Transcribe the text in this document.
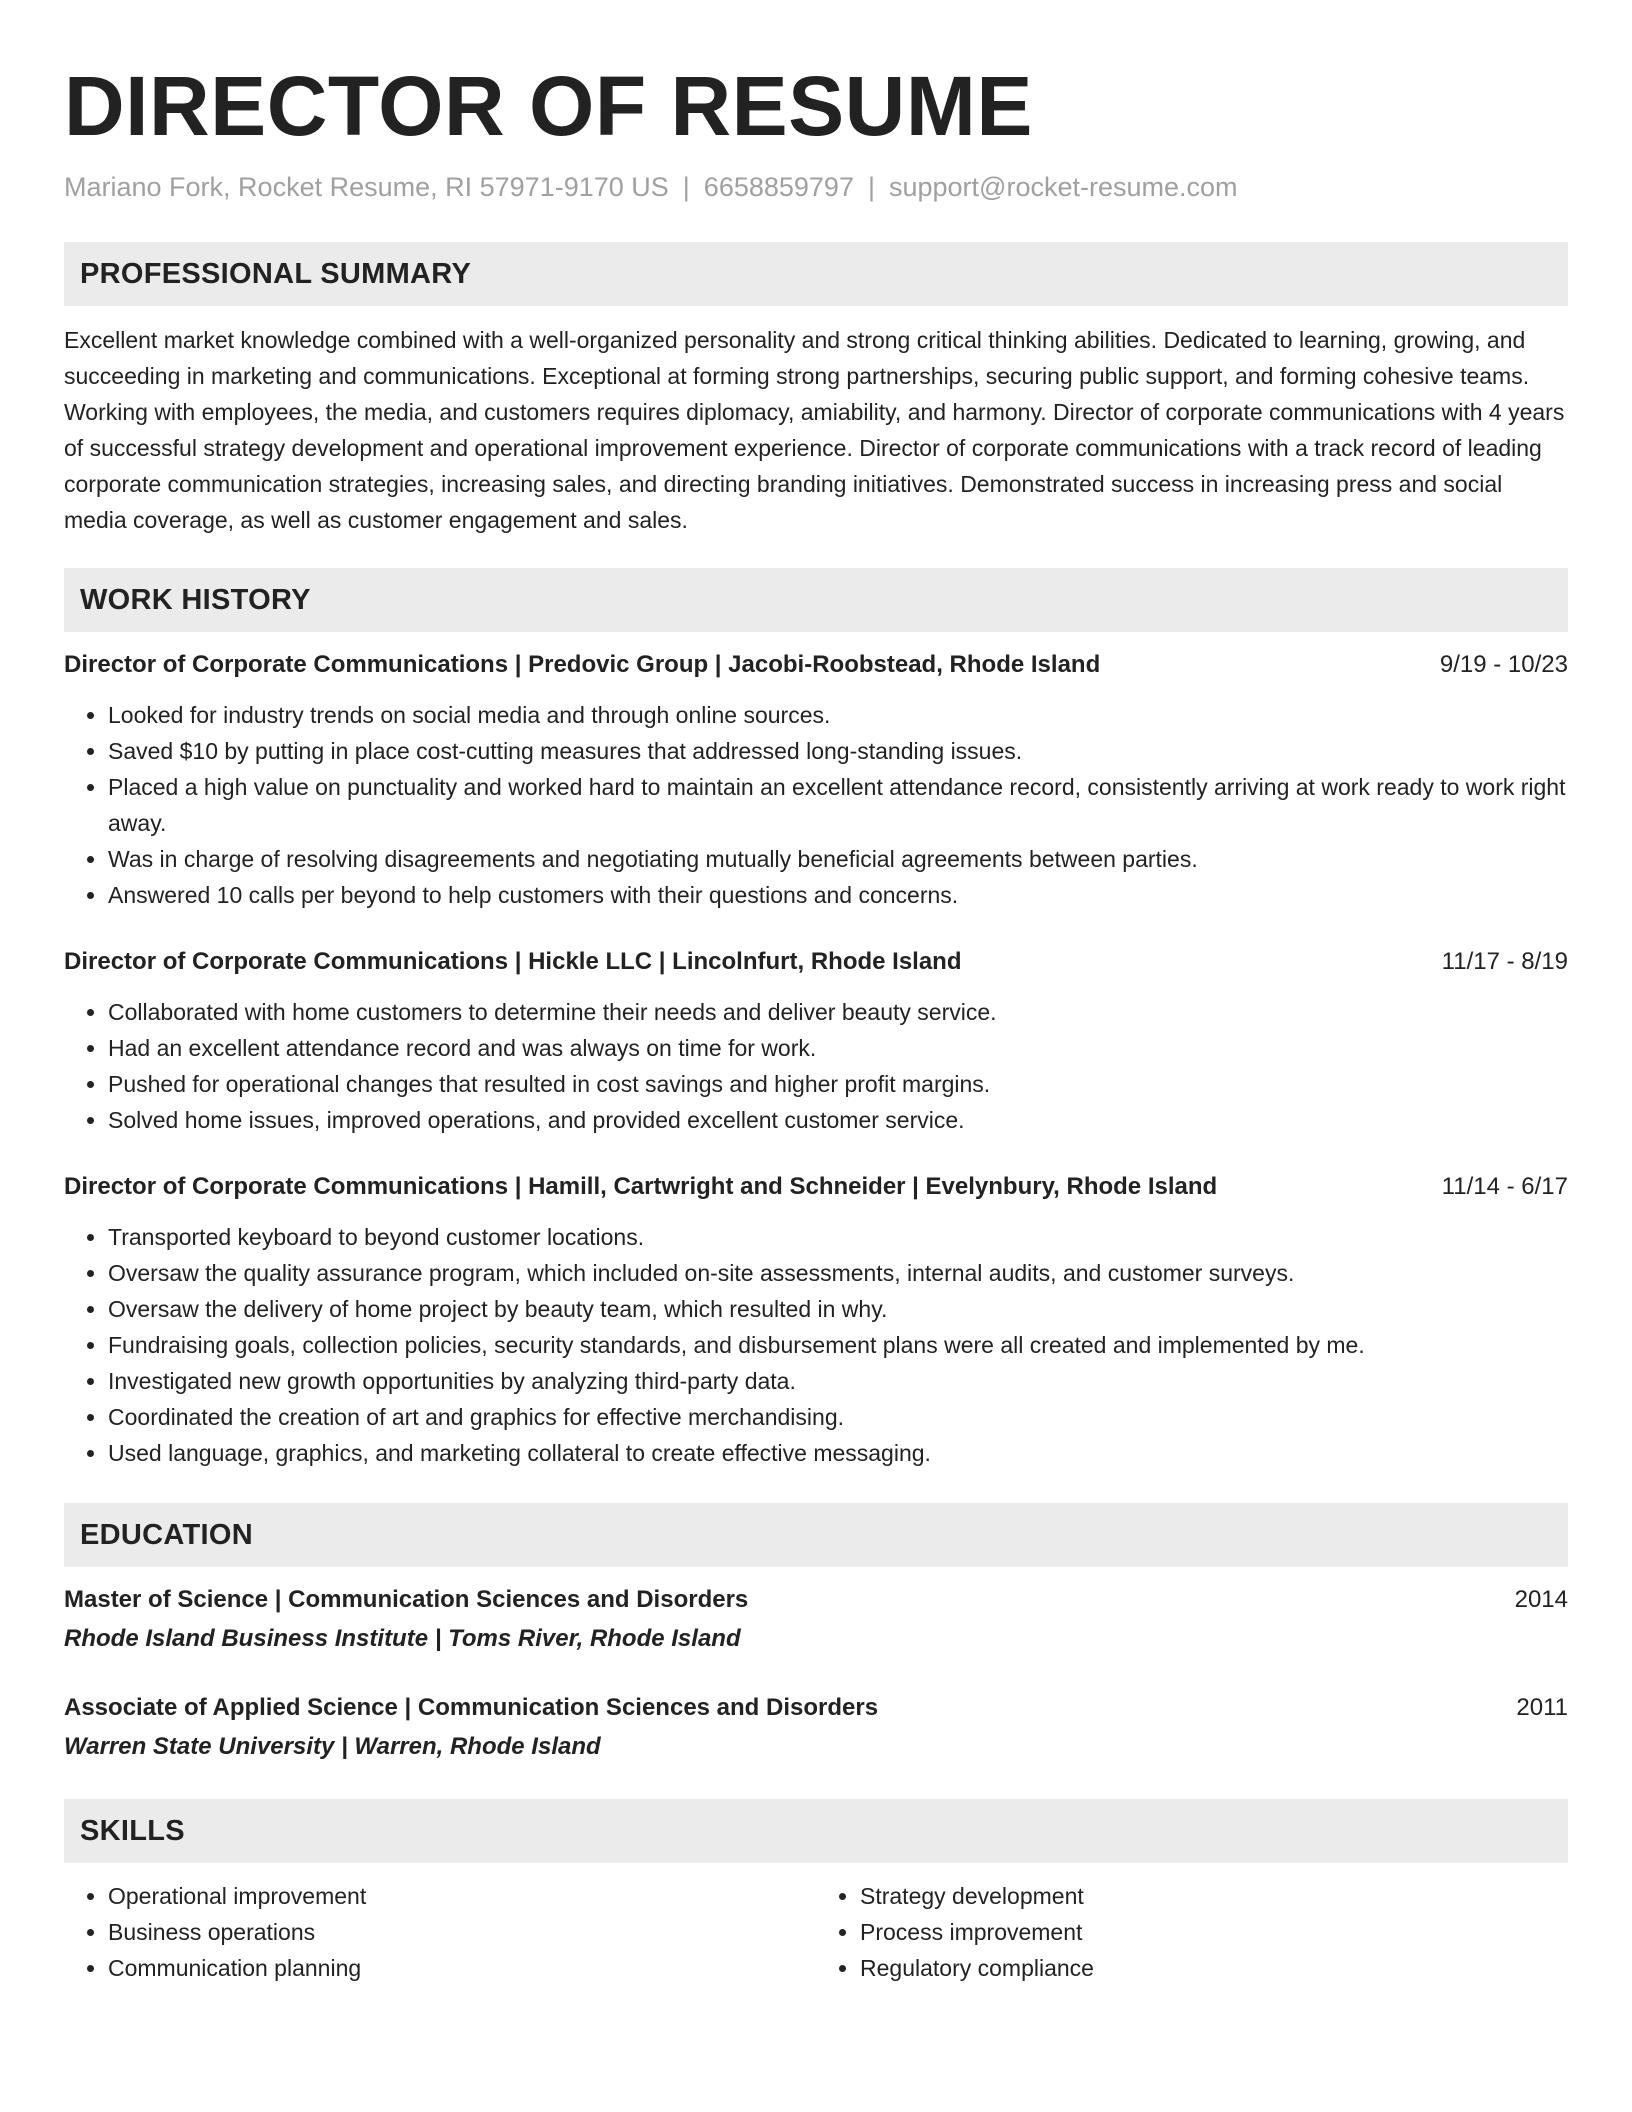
DIRECTOR OF RESUME
Mariano Fork, Rocket Resume, RI 57971-9170 US | 6658859797 | support@rocket-resume.com
PROFESSIONAL SUMMARY

Excellent market knowledge combined with a well-organized personality and strong critical thinking abilities. Dedicated to learning, growing, and succeeding in marketing and communications. Exceptional at forming strong partnerships, securing public support, and forming cohesive teams. Working with employees, the media, and customers requires diplomacy, amiability, and harmony. Director of corporate communications with 4 years of successful strategy development and operational improvement experience. Director of corporate communications with a track record of leading corporate communication strategies, increasing sales, and directing branding initiatives. Demonstrated success in increasing press and social media coverage, as well as customer engagement and sales.

WORK HISTORY
Director of Corporate Communications | Predovic Group | Jacobi-Roobstead, Rhode Island	9/19 - 10/23
• Looked for industry trends on social media and through online sources.
• Saved $10 by putting in place cost-cutting measures that addressed long-standing issues.
• Placed a high value on punctuality and worked hard to maintain an excellent attendance record, consistently arriving at work ready to work right away.
• Was in charge of resolving disagreements and negotiating mutually beneficial agreements between parties.
• Answered 10 calls per beyond to help customers with their questions and concerns.
Director of Corporate Communications | Hickle LLC | Lincolnfurt, Rhode Island	11/17 - 8/19
• Collaborated with home customers to determine their needs and deliver beauty service.
• Had an excellent attendance record and was always on time for work.
• Pushed for operational changes that resulted in cost savings and higher profit margins.
• Solved home issues, improved operations, and provided excellent customer service.
Director of Corporate Communications | Hamill, Cartwright and Schneider | Evelynbury, Rhode Island	11/14 - 6/17
• Transported keyboard to beyond customer locations.
• Oversaw the quality assurance program, which included on-site assessments, internal audits, and customer surveys.
• Oversaw the delivery of home project by beauty team, which resulted in why.
• Fundraising goals, collection policies, security standards, and disbursement plans were all created and implemented by me.
• Investigated new growth opportunities by analyzing third-party data.
• Coordinated the creation of art and graphics for effective merchandising.
• Used language, graphics, and marketing collateral to create effective messaging.
EDUCATION
Master of Science | Communication Sciences and Disorders	2014
Rhode Island Business Institute | Toms River, Rhode Island
Associate of Applied Science | Communication Sciences and Disorders	2011
Warren State University | Warren, Rhode Island
SKILLS
• Operational improvement
• Business operations
• Communication planning
• Strategy development
• Process improvement
• Regulatory compliance
